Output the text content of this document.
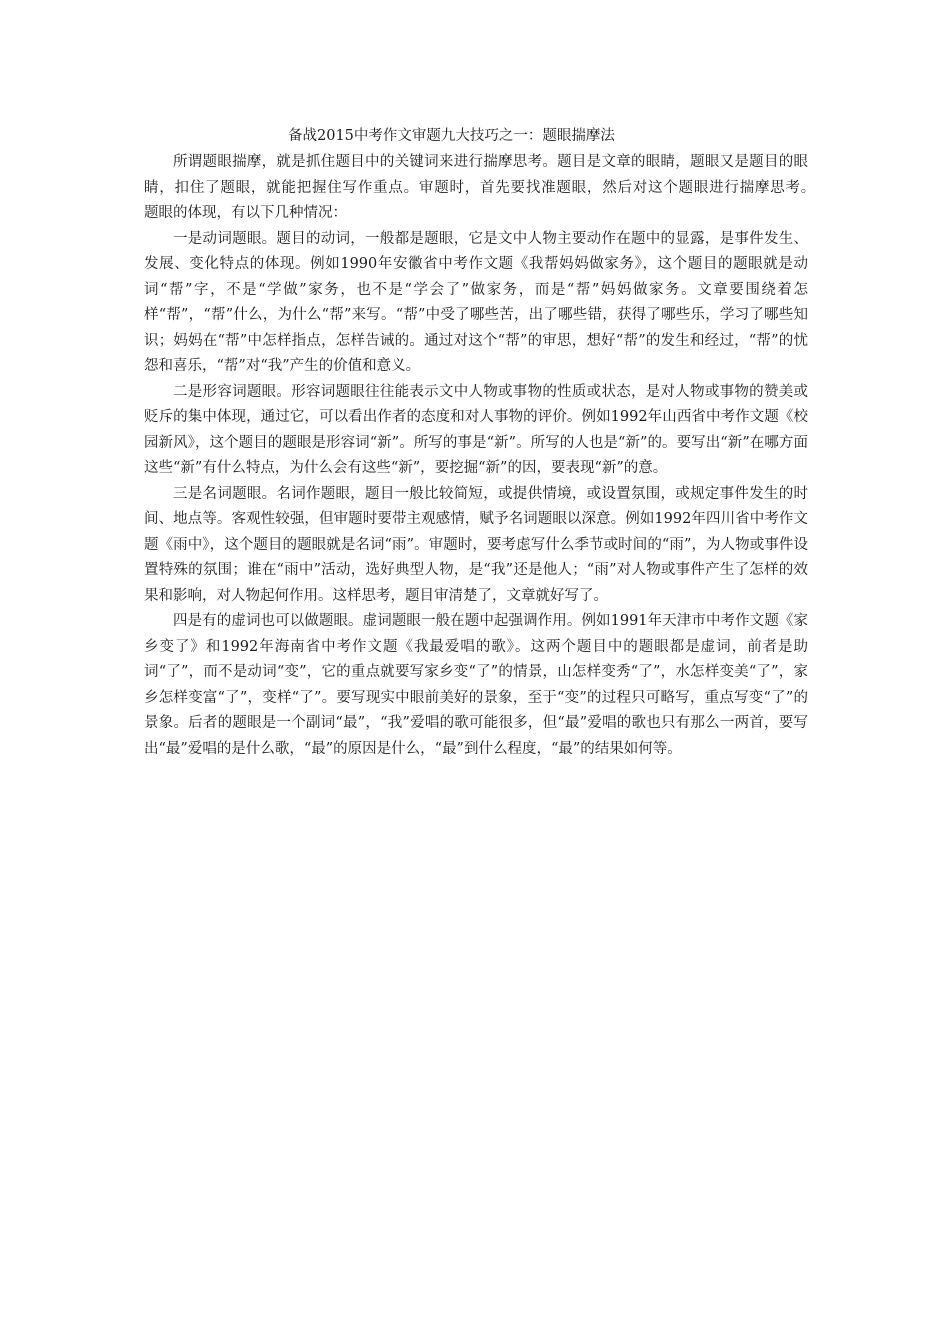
备战2015中考作文审题九大技巧之一：题眼揣摩法

所谓题眼揣摩，就是抓住题目中的关键词来进行揣摩思考。题目是文章的眼睛，题眼又是题目的眼睛，扣住了题眼，就能把握住写作重点。审题时，首先要找准题眼，然后对这个题眼进行揣摩思考。　　题眼的体现，有以下几种情况：

一是动词题眼。题目的动词，一般都是题眼，它是文中人物主要动作在题中的显露，是事件发生、发展、变化特点的体现。例如1990年安徽省中考作文题《我帮妈妈做家务》，这个题目的题眼就是动词“帮”字，不是“学做”家务，也不是“学会了”做家务，而是“帮”妈妈做家务。文章要围绕着怎样“帮”，“帮”什么，为什么“帮”来写。“帮”中受了哪些苦，出了哪些错，获得了哪些乐，学习了哪些知识；妈妈在“帮”中怎样指点，怎样告诫的。通过对这个“帮”的审思，想好“帮”的发生和经过，“帮”的忧怨和喜乐，“帮”对“我”产生的价值和意义。

二是形容词题眼。形容词题眼往往能表示文中人物或事物的性质或状态，是对人物或事物的赞美或贬斥的集中体现，通过它，可以看出作者的态度和对人事物的评价。例如1992年山西省中考作文题《校园新风》，这个题目的题眼是形容词“新”。所写的事是“新”。所写的人也是“新”的。要写出“新”在哪方面这些“新”有什么特点，为什么会有这些“新”，要挖掘“新”的因，要表现“新”的意。

三是名词题眼。名词作题眼，题目一般比较简短，或提供情境，或设置氛围，或规定事件发生的时间、地点等。客观性较强，但审题时要带主观感情，赋予名词题眼以深意。例如1992年四川省中考作文题《雨中》，这个题目的题眼就是名词“雨”。审题时，要考虑写什么季节或时间的“雨”，为人物或事件设置特殊的氛围；谁在“雨中”活动，选好典型人物，是“我”还是他人；“雨”对人物或事件产生了怎样的效果和影响，对人物起何作用。这样思考，题目审清楚了，文章就好写了。

四是有的虚词也可以做题眼。虚词题眼一般在题中起强调作用。例如1991年天津市中考作文题《家乡变了》和1992年海南省中考作文题《我最爱唱的歌》。这两个题目中的题眼都是虚词，前者是助词“了”，而不是动词“变”，它的重点就要写家乡变“了”的情景，山怎样变秀“了”，水怎样变美“了”，家乡怎样变富“了”，变样“了”。要写现实中眼前美好的景象，至于“变”的过程只可略写，重点写变“了”的景象。后者的题眼是一个副词“最”，“我”爱唱的歌可能很多，但“最”爱唱的歌也只有那么一两首，要写出“最”爱唱的是什么歌，“最”的原因是什么，“最”到什么程度，“最”的结果如何等。
